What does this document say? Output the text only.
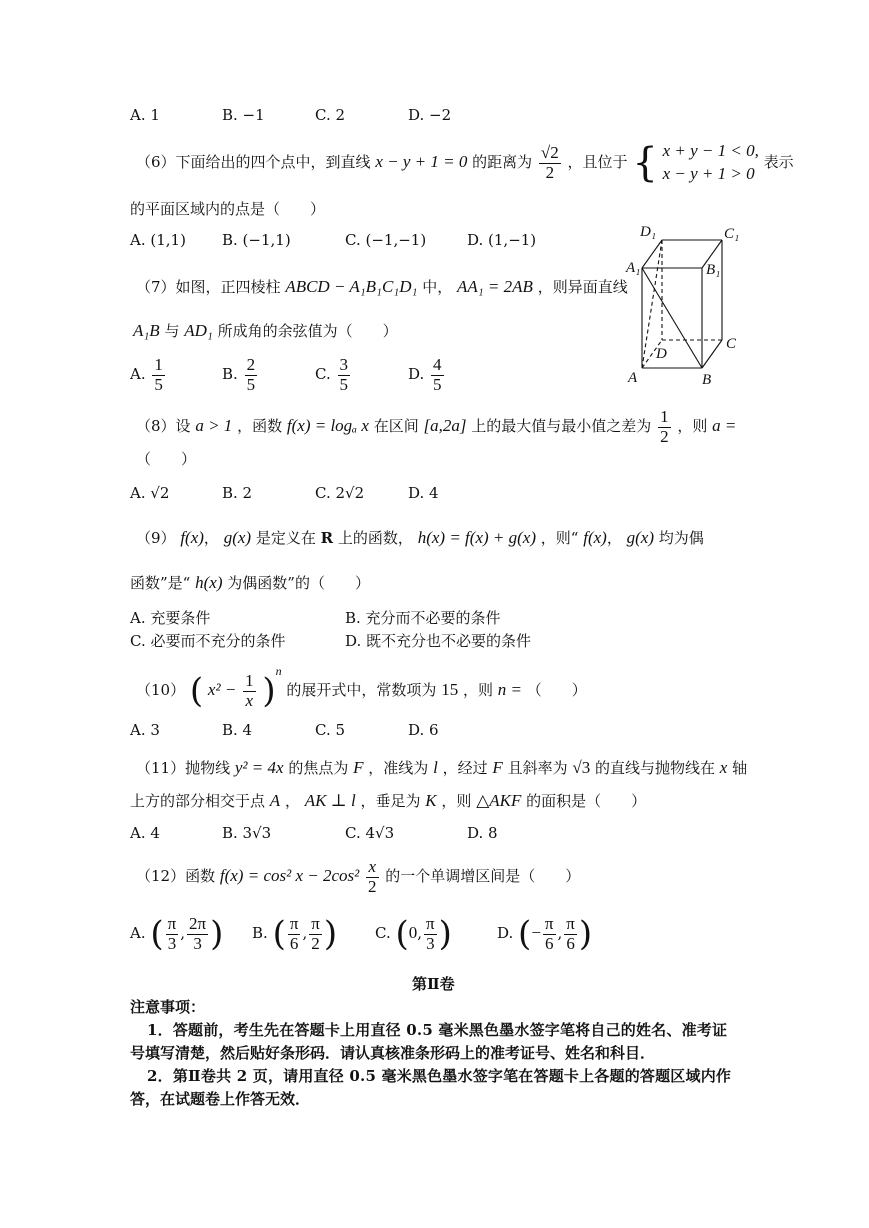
A. 1	B. −1	C. 2	D. −2
（6）下面给出的四个点中，到直线 x − y + 1 = 0 的距离为 $\frac{√2}{2}$ ，且位于 { x + y − 1 < 0,
x − y + 1 > 0
表示
的平面区域内的点是（　　）
A. (1,1) B. (−1,1)	C. (−1,−1)	D. (1,−1)	D₁	C₁
A₁	B₁
D
C
A	B
（7）如图，正四棱柱 ABCD − A₁B₁C₁D₁ 中， AA₁ = 2AB ，则异面直线
A₁B 与 AD₁ 所成角的余弦值为（　　）
A. $\frac{1}{5}$	B. $\frac{2}{5}$	C. $\frac{3}{5}$	D. $\frac{4}{5}$
（8）设 a > 1 ，函数 f(x) = logₐ x 在区间 [a,2a] 上的最大值与最小值之差为 $\frac{1}{2}$ ，则 a =
（　　）
A. √2	B. 2	C. 2√2	D. 4
（9） f(x)， g(x) 是定义在 R 上的函数， h(x) = f(x) + g(x) ，则“ f(x)， g(x) 均为偶
函数”是“ h(x) 为偶函数”的（　　）
A. 充要条件	B. 充分而不必要的条件
C. 必要而不充分的条件	D. 既不充分也不必要的条件
（10） ( $x^2 - \frac{1}{x} )^n$ 的展开式中，常数项为 15 ，则 n = （　　）
A. 3	B. 4	C. 5	D. 6
（11）抛物线 y² = 4x 的焦点为 F ，准线为 l ，经过 F 且斜率为 √3 的直线与抛物线在 x 轴
上方的部分相交于点 A ， AK ⊥ l ，垂足为 K ，则 △AKF 的面积是（　　）
A. 4	B. 3√3	C. 4√3	D. 8
（12）函数 f(x) = cos² $x - 2\cos^2 \frac{x}{2}$ 的一个单调增区间是（　　）
A. ( $\frac{\pi}{3}$ , $\frac{2\pi}{3}$ ) B. ( $\frac{\pi}{6}$ , $\frac{\pi}{2}$ )	C. (0, $\frac{\pi}{3}$ )	D. (− $\frac{\pi}{6}$ , $\frac{\pi}{6}$ )
第Ⅱ卷
注意事项：
1．答题前，考生先在答题卡上用直径 0.5 毫米黑色墨水签字笔将自己的姓名、准考证
号填写清楚，然后贴好条形码．请认真核准条形码上的准考证号、姓名和科目．
2．第Ⅱ卷共 2 页，请用直径 0.5 毫米黑色墨水签字笔在答题卡上各题的答题区域内作
答，在试题卷上作答无效．
